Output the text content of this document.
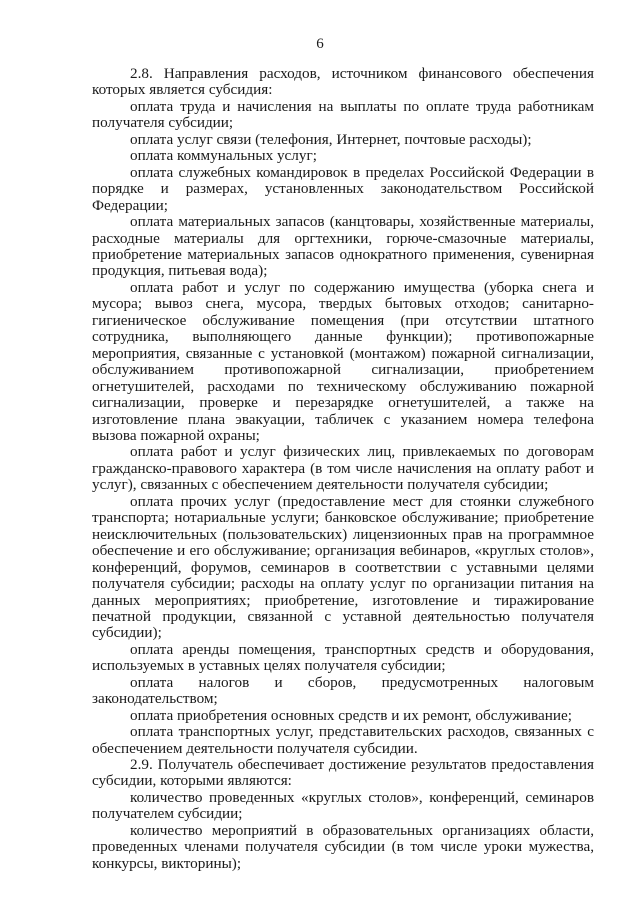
6

2.8. Направления расходов, источником финансового обеспечения которых является субсидия:

оплата труда и начисления на выплаты по оплате труда работникам получателя субсидии;

оплата услуг связи (телефония, Интернет, почтовые расходы);

оплата коммунальных услуг;

оплата служебных командировок в пределах Российской Федерации в порядке и размерах, установленных законодательством Российской Федерации;

оплата материальных запасов (канцтовары, хозяйственные материалы, расходные материалы для оргтехники, горюче-смазочные материалы, приобретение материальных запасов однократного применения, сувенирная продукция, питьевая вода);

оплата работ и услуг по содержанию имущества (уборка снега и мусора; вывоз снега, мусора, твердых бытовых отходов; санитарно-гигиеническое обслуживание помещения (при отсутствии штатного сотрудника, выполняющего данные функции); противопожарные мероприятия, связанные с установкой (монтажом) пожарной сигнализации, обслуживанием противопожарной сигнализации, приобретением огнетушителей, расходами по техническому обслуживанию пожарной сигнализации, проверке и перезарядке огнетушителей, а также на изготовление плана эвакуации, табличек с указанием номера телефона вызова пожарной охраны;

оплата работ и услуг физических лиц, привлекаемых по договорам гражданско-правового характера (в том числе начисления на оплату работ и услуг), связанных с обеспечением деятельности получателя субсидии;

оплата прочих услуг (предоставление мест для стоянки служебного транспорта; нотариальные услуги; банковское обслуживание; приобретение неисключительных (пользовательских) лицензионных прав на программное обеспечение и его обслуживание; организация вебинаров, «круглых столов», конференций, форумов, семинаров в соответствии с уставными целями получателя субсидии; расходы на оплату услуг по организации питания на данных мероприятиях; приобретение, изготовление и тиражирование печатной продукции, связанной с уставной деятельностью получателя субсидии);

оплата аренды помещения, транспортных средств и оборудования, используемых в уставных целях получателя субсидии;

оплата налогов и сборов, предусмотренных налоговым законодательством;

оплата приобретения основных средств и их ремонт, обслуживание;

оплата транспортных услуг, представительских расходов, связанных с обеспечением деятельности получателя субсидии.

2.9. Получатель обеспечивает достижение результатов предоставления субсидии, которыми являются:

количество проведенных «круглых столов», конференций, семинаров получателем субсидии;

количество мероприятий в образовательных организациях области, проведенных членами получателя субсидии (в том числе уроки мужества, конкурсы, викторины);
